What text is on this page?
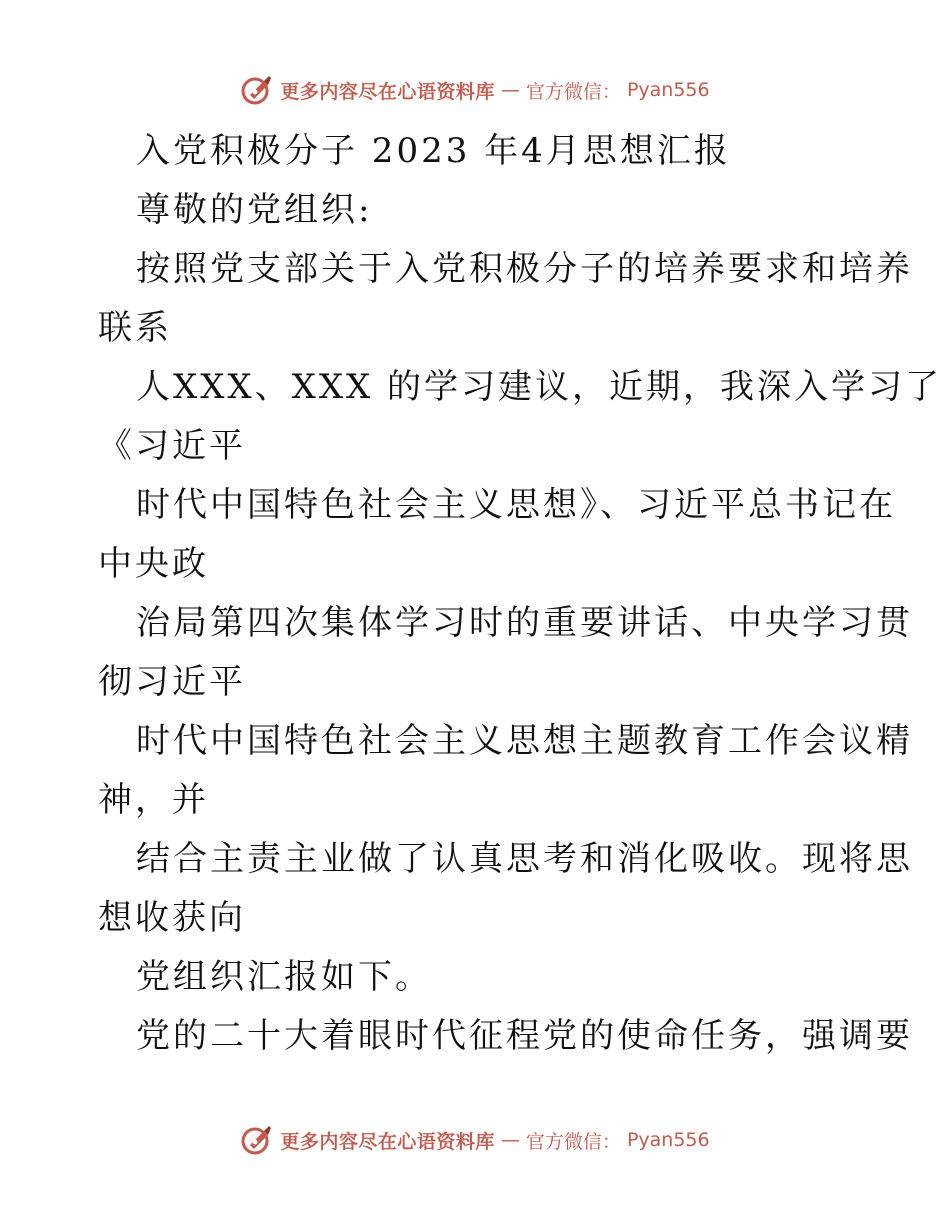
更多内容尽在心语资料库 — 官方微信： Pyan556
入党积极分子 2023 年4月思想汇报
尊敬的党组织:
按照党支部关于入党积极分子的培养要求和培养
联系
人XXX、XXX 的学习建议，近期，我深入学习了
《习近平
时代中国特色社会主义思想》、习近平总书记在
中央政
治局第四次集体学习时的重要讲话、中央学习贯
彻习近平
时代中国特色社会主义思想主题教育工作会议精
神，并
结合主责主业做了认真思考和消化吸收。现将思
想收获向
党组织汇报如下。
党的二十大着眼时代征程党的使命任务，强调要
更多内容尽在心语资料库 — 官方微信： Pyan556
